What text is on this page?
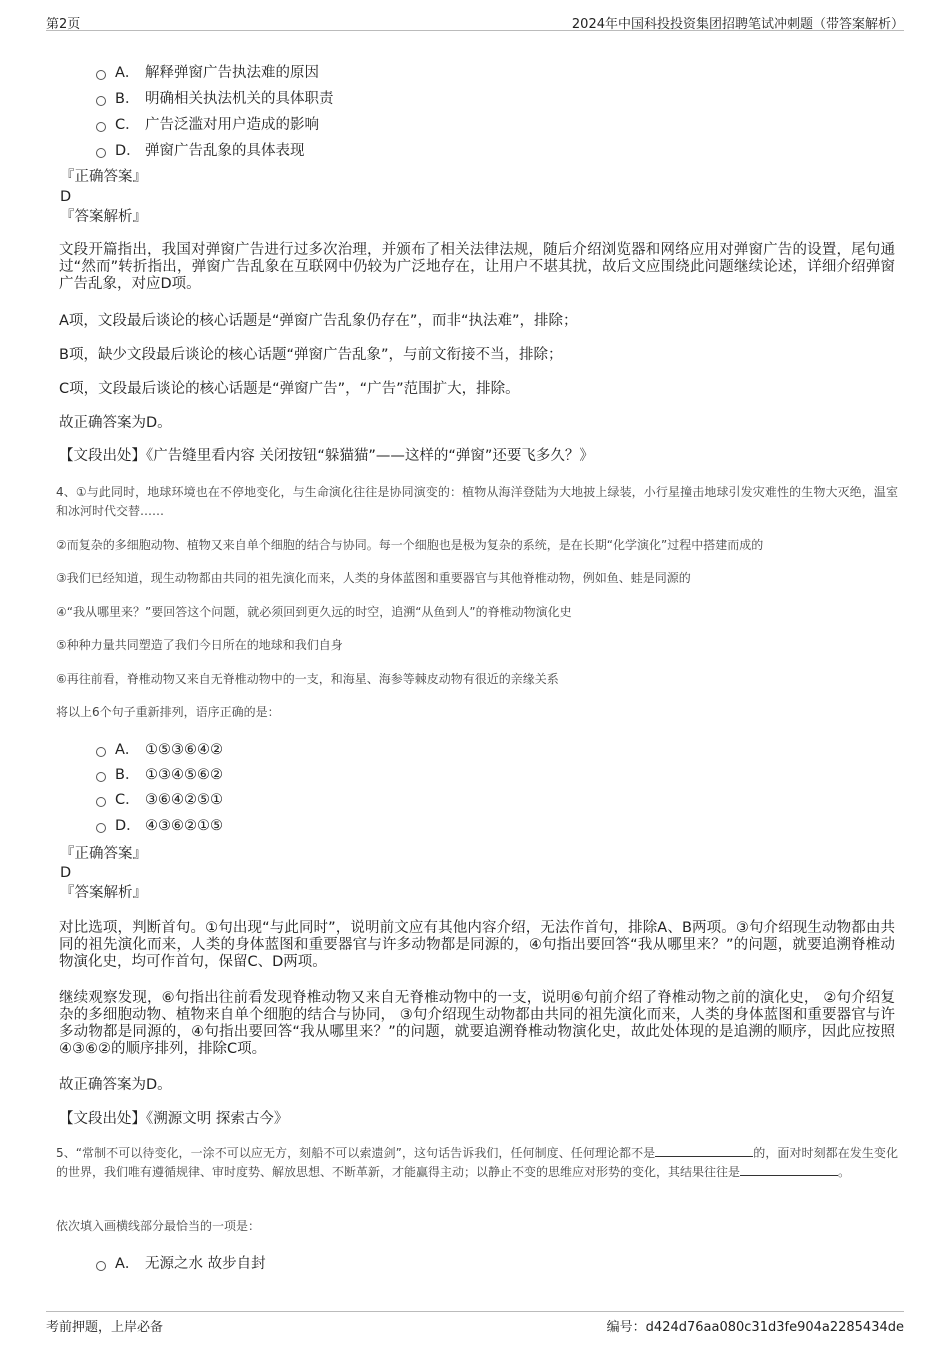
第2页	2024年中国科投投资集团招聘笔试冲刺题（带答案解析）
A． 解释弹窗广告执法难的原因
B． 明确相关执法机关的具体职责
C． 广告泛滥对用户造成的影响
D． 弹窗广告乱象的具体表现
『正确答案』
D
『答案解析』
文段开篇指出，我国对弹窗广告进行过多次治理，并颁布了相关法律法规，随后介绍浏览器和网络应用对弹窗广告的设置，尾句通过“然而”转折指出，弹窗广告乱象在互联网中仍较为广泛地存在，让用户不堪其扰，故后文应围绕此问题继续论述，详细介绍弹窗广告乱象，对应D项。
A项，文段最后谈论的核心话题是“弹窗广告乱象仍存在”，而非“执法难”，排除；
B项，缺少文段最后谈论的核心话题“弹窗广告乱象”，与前文衔接不当，排除；
C项，文段最后谈论的核心话题是“弹窗广告”，“广告”范围扩大，排除。
故正确答案为D。
【文段出处】《广告缝里看内容 关闭按钮“躲猫猫”——这样的“弹窗”还要飞多久？》
4、①与此同时，地球环境也在不停地变化，与生命演化往往是协同演变的：植物从海洋登陆为大地披上绿装，小行星撞击地球引发灾难性的生物大灭绝，温室和冰河时代交替……
②而复杂的多细胞动物、植物又来自单个细胞的结合与协同。每一个细胞也是极为复杂的系统，是在长期“化学演化”过程中搭建而成的
③我们已经知道，现生动物都由共同的祖先演化而来，人类的身体蓝图和重要器官与其他脊椎动物，例如鱼、蛙是同源的
④“我从哪里来？”要回答这个问题，就必须回到更久远的时空，追溯“从鱼到人”的脊椎动物演化史
⑤种种力量共同塑造了我们今日所在的地球和我们自身
⑥再往前看，脊椎动物又来自无脊椎动物中的一支，和海星、海参等棘皮动物有很近的亲缘关系
将以上6个句子重新排列，语序正确的是：
A． ①⑤③⑥④②
B． ①③④⑤⑥②
C． ③⑥④②⑤①
D． ④③⑥②①⑤
『正确答案』
D
『答案解析』
对比选项，判断首句。①句出现“与此同时”，说明前文应有其他内容介绍，无法作首句，排除A、B两项。③句介绍现生动物都由共同的祖先演化而来，人类的身体蓝图和重要器官与许多动物都是同源的，④句指出要回答“我从哪里来？”的问题，就要追溯脊椎动物演化史，均可作首句，保留C、D两项。
继续观察发现，⑥句指出往前看发现脊椎动物又来自无脊椎动物中的一支，说明⑥句前介绍了脊椎动物之前的演化史， ②句介绍复杂的多细胞动物、植物来自单个细胞的结合与协同， ③句介绍现生动物都由共同的祖先演化而来，人类的身体蓝图和重要器官与许多动物都是同源的，④句指出要回答“我从哪里来？”的问题，就要追溯脊椎动物演化史，故此处体现的是追溯的顺序，因此应按照④③⑥②的顺序排列，排除C项。
故正确答案为D。
【文段出处】《溯源文明 探索古今》
5、“常制不可以待变化，一涂不可以应无方，刻船不可以索遗剑”，这句话告诉我们，任何制度、任何理论都不是	的，面对时刻都在发生变化的世界，我们唯有遵循规律、审时度势、解放思想、不断革新，才能赢得主动；以静止不变的思维应对形势的变化，其结果往往是	。
依次填入画横线部分最恰当的一项是：
A． 无源之水 故步自封
考前押题，上岸必备	编号：d424d76aa080c31d3fe904a2285434de
